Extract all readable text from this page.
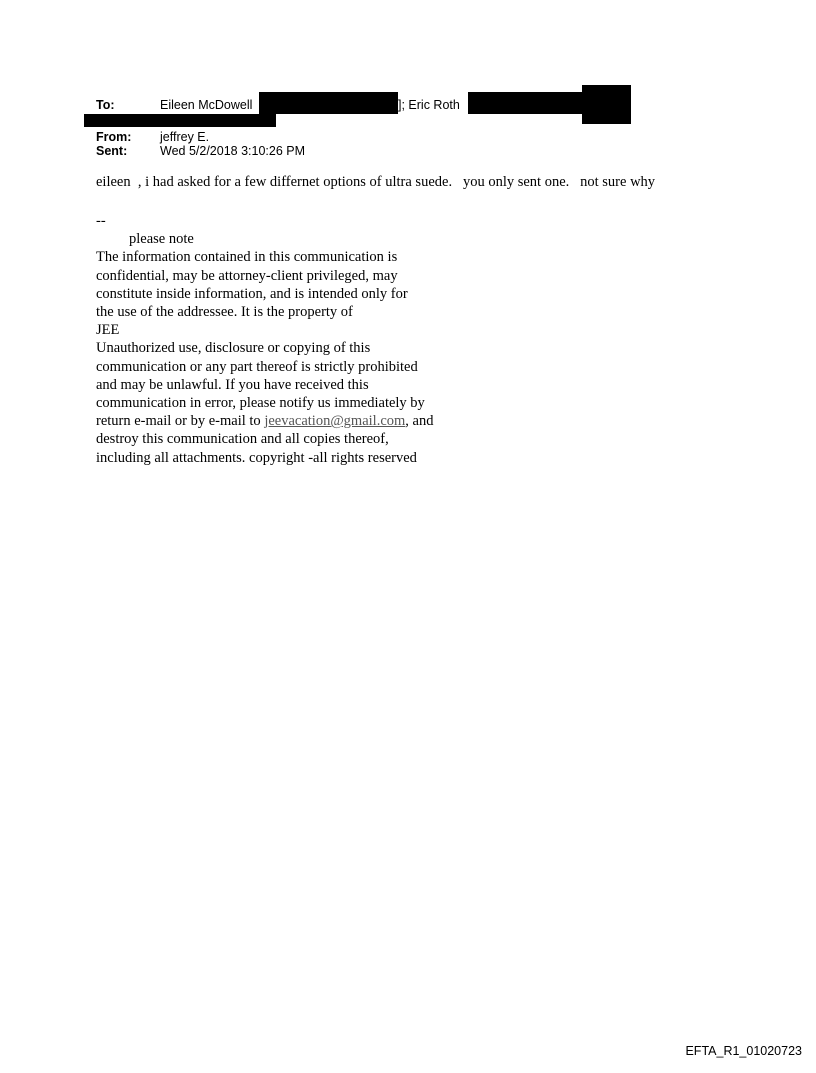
To:	Eileen McDowell	]; Eric Roth
From: jeffrey E.
Sent:	Wed 5/2/2018 3:10:26 PM
eileen  , i had asked for a few differnet options of ultra suede.   you only sent one.   not sure why
--
please note
The information contained in this communication is
confidential, may be attorney-client privileged, may
constitute inside information, and is intended only for
the use of the addressee. It is the property of
JEE
Unauthorized use, disclosure or copying of this
communication or any part thereof is strictly prohibited
and may be unlawful. If you have received this
communication in error, please notify us immediately by
return e-mail or by e-mail to jeevacation@gmail.com, and
destroy this communication and all copies thereof,
including all attachments. copyright -all rights reserved
EFTA_R1_01020723
